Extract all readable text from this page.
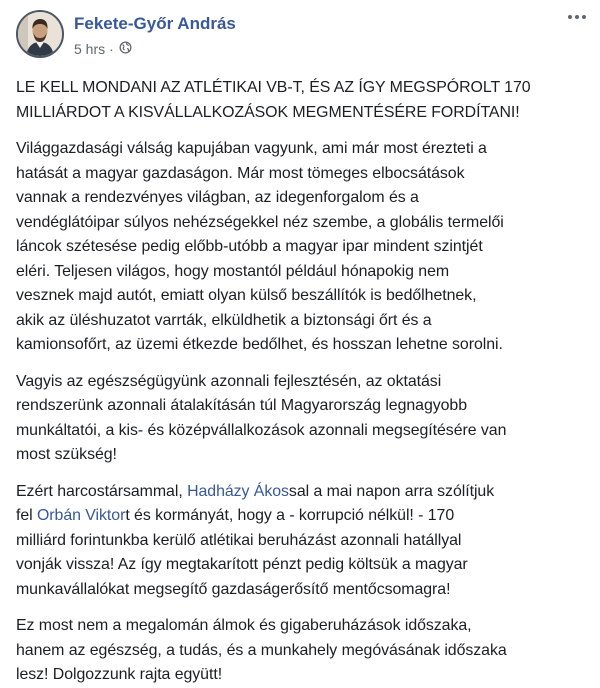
Fekete-Győr András
5 hrs ·

LE KELL MONDANI AZ ATLÉTIKAI VB-T, ÉS AZ ÍGY MEGSPÓROLT 170
MILLIÁRDOT A KISVÁLLALKOZÁSOK MEGMENTÉSÉRE FORDÍTANI!

Világgazdasági válság kapujában vagyunk, ami már most érezteti a
hatását a magyar gazdaságon. Már most tömeges elbocsátások
vannak a rendezvényes világban, az idegenforgalom és a
vendéglátóipar súlyos nehézségekkel néz szembe, a globális termelői
láncok szétesése pedig előbb-utóbb a magyar ipar mindent szintjét
eléri. Teljesen világos, hogy mostantól például hónapokig nem
vesznek majd autót, emiatt olyan külső beszállítók is bedőlhetnek,
akik az üléshuzatot varrták, elküldhetik a biztonsági őrt és a
kamionsofőrt, az üzemi étkezde bedőlhet, és hosszan lehetne sorolni.

Vagyis az egészségügyünk azonnali fejlesztésén, az oktatási
rendszerünk azonnali átalakításán túl Magyarország legnagyobb
munkáltatói, a kis- és középvállalkozások azonnali megsegítésére van
most szükség!

Ezért harcostársammal, Hadházy Ákossal a mai napon arra szólítjuk
fel Orbán Viktort és kormányát, hogy a - korrupció nélkül! - 170
milliárd forintunkba kerülő atlétikai beruházást azonnali hatállyal
vonják vissza! Az így megtakarított pénzt pedig költsük a magyar
munkavállalókat megsegítő gazdaságerősítő mentőcsomagra!

Ez most nem a megalomán álmok és gigaberuházások időszaka,
hanem az egészség, a tudás, és a munkahely megóvásának időszaka
lesz! Dolgozzunk rajta együtt!
